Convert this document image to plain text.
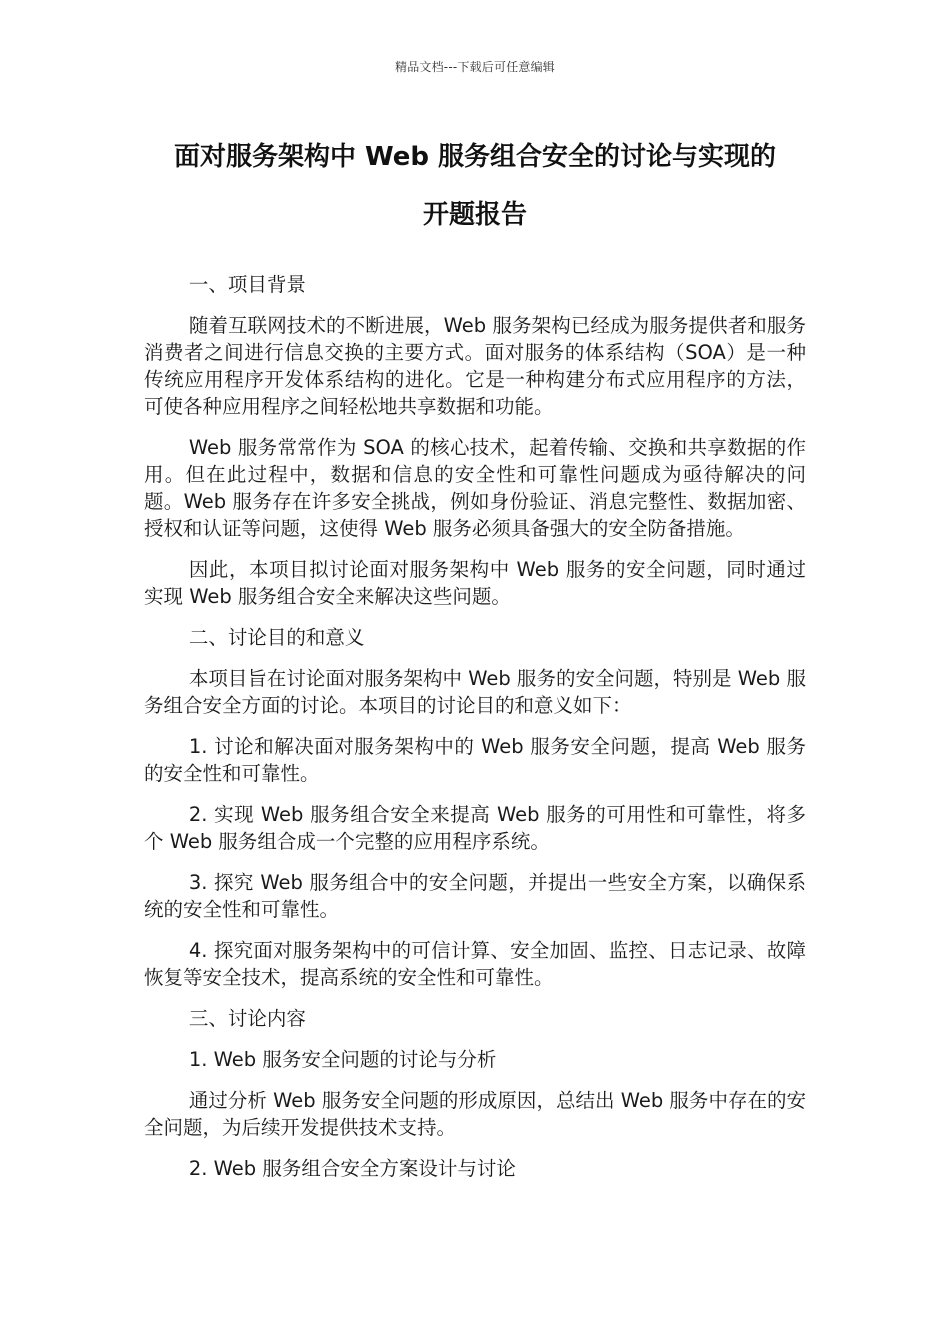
精品文档---下载后可任意编辑
面对服务架构中 Web 服务组合安全的讨论与实现的
开题报告
一、项目背景

随着互联网技术的不断进展，Web 服务架构已经成为服务提供者和服务消费者之间进行信息交换的主要方式。面对服务的体系结构（SOA）是一种传统应用程序开发体系结构的进化。它是一种构建分布式应用程序的方法，可使各种应用程序之间轻松地共享数据和功能。

Web 服务常常作为 SOA 的核心技术，起着传输、交换和共享数据的作用。但在此过程中，数据和信息的安全性和可靠性问题成为亟待解决的问题。Web 服务存在许多安全挑战，例如身份验证、消息完整性、数据加密、授权和认证等问题，这使得 Web 服务必须具备强大的安全防备措施。

因此，本项目拟讨论面对服务架构中 Web 服务的安全问题，同时通过实现 Web 服务组合安全来解决这些问题。

二、讨论目的和意义

本项目旨在讨论面对服务架构中 Web 服务的安全问题，特别是 Web 服务组合安全方面的讨论。本项目的讨论目的和意义如下：

1. 讨论和解决面对服务架构中的 Web 服务安全问题，提高 Web 服务的安全性和可靠性。

2. 实现 Web 服务组合安全来提高 Web 服务的可用性和可靠性，将多个 Web 服务组合成一个完整的应用程序系统。

3. 探究 Web 服务组合中的安全问题，并提出一些安全方案，以确保系统的安全性和可靠性。

4. 探究面对服务架构中的可信计算、安全加固、监控、日志记录、故障恢复等安全技术，提高系统的安全性和可靠性。

三、讨论内容
1. Web 服务安全问题的讨论与分析

通过分析 Web 服务安全问题的形成原因，总结出 Web 服务中存在的安全问题，为后续开发提供技术支持。

2. Web 服务组合安全方案设计与讨论
